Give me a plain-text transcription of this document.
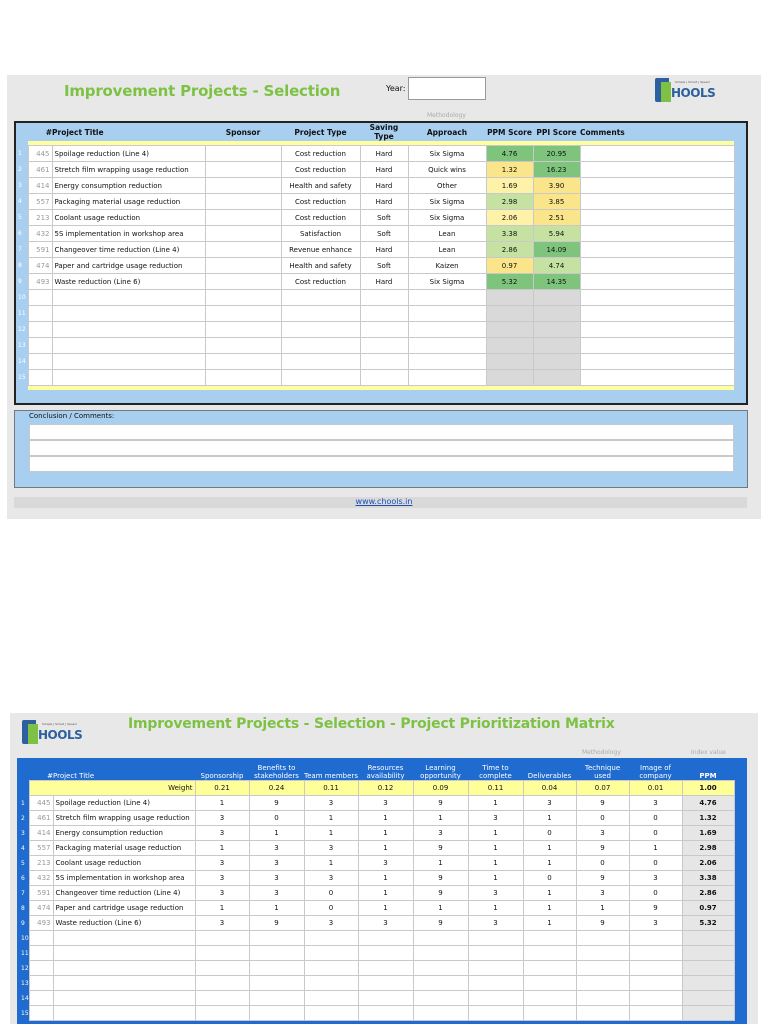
Improvement Projects - Selection	Year:
Simple | Smart | Speed
HOOLS
Methodology
	#	Project Title	Sponsor	Project Type	Saving Type	Approach	PPM Score	PPI Score	Comments

1	445	Spoilage reduction (Line 4)		Cost reduction	Hard	Six Sigma	4.76	20.95	
2	461	Stretch film wrapping usage reduction		Cost reduction	Hard	Quick wins	1.32	16.23	
3	414	Energy consumption reduction		Health and safety	Hard	Other	1.69	3.90	
4	557	Packaging material usage reduction		Cost reduction	Hard	Six Sigma	2.98	3.85	
5	213	Coolant usage reduction		Cost reduction	Soft	Six Sigma	2.06	2.51	
6	432	5S implementation in workshop area		Satisfaction	Soft	Lean	3.38	5.94	
7	591	Changeover time reduction (Line 4)		Revenue enhance	Hard	Lean	2.86	14.09	
8	474	Paper and cartridge usage reduction		Health and safety	Soft	Kaizen	0.97	4.74	
9	493	Waste reduction (Line 6)		Cost reduction	Hard	Six Sigma	5.32	14.35	
10									
11									
12									
13									
14									
15									

Conclusion / Comments:
www.chools.in
Simple | Smart | Speed
HOOLS
Improvement Projects - Selection - Project Prioritization Matrix
Methodology	Index value
	#	Project Title	Sponsorship	Benefits to stakeholders	Team members	Resources availability	Learning opportunity	Time to complete	Deliverables	Technique used	Image of company	PPM
	Weight		0.21	0.24	0.11	0.12	0.09	0.11	0.04	0.07	0.01	1.00
1	445	Spoilage reduction (Line 4)	1	9	3	3	9	1	3	9	3	4.76
2	461	Stretch film wrapping usage reduction	3	0	1	1	1	3	1	0	0	1.32
3	414	Energy consumption reduction	3	1	1	1	3	1	0	3	0	1.69
4	557	Packaging material usage reduction	1	3	3	1	9	1	1	9	1	2.98
5	213	Coolant usage reduction	3	3	1	3	1	1	1	0	0	2.06
6	432	5S implementation in workshop area	3	3	3	1	9	1	0	9	3	3.38
7	591	Changeover time reduction (Line 4)	3	3	0	1	9	3	1	3	0	2.86
8	474	Paper and cartridge usage reduction	1	1	0	1	1	1	1	1	9	0.97
9	493	Waste reduction (Line 6)	3	9	3	3	9	3	1	9	3	5.32
10												
11												
12												
13												
14												
15												
